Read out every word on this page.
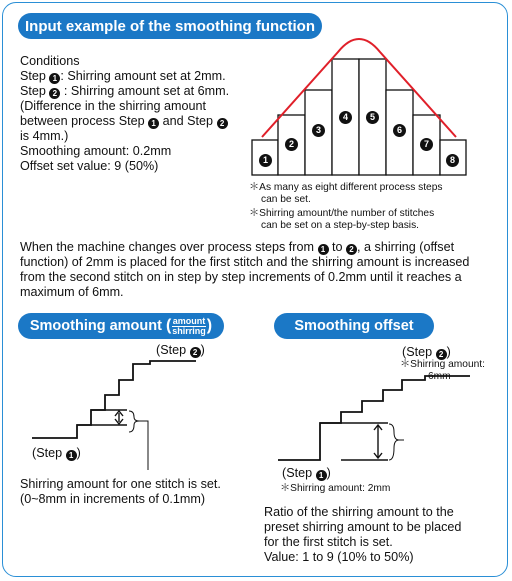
Input example of the smoothing function
Conditions
Step 1 : Shirring amount set at 2mm.
Step 2 : Shirring amount set at 6mm.
(Difference in the shirring amount
between process Step 1 and Step 2
is 4mm.)
Smoothing amount: 0.2mm
Offset set value: 9 (50%)	1
2
3
4	5
6
7
8
＊As many as eight different process steps
can be set.
＊Shirring amount/the number of stitches
can be set on a step-by-step basis.
When the machine changes over process steps from 1 to 2 , a shirring (offset
function) of 2mm is placed for the first stitch and the shirring amount is increased
from the second stitch on in step by step increments of 0.2mm until it reaches a
maximum of 6mm.
Smoothing amount ( $\frac{\text{amount}}{\text{shirring}}$ )	Smoothing offset
(Step 2 )
(Step 1 )
Shirring amount for one stitch is set.
(0~8mm in increments of 0.1mm)
(Step 2 )
＊Shirring amount:
6mm
(Step 1 )
＊Shirring amount: 2mm
Ratio of the shirring amount to the
preset shirring amount to be placed
for the first stitch is set.
Value: 1 to 9 (10% to 50%)
